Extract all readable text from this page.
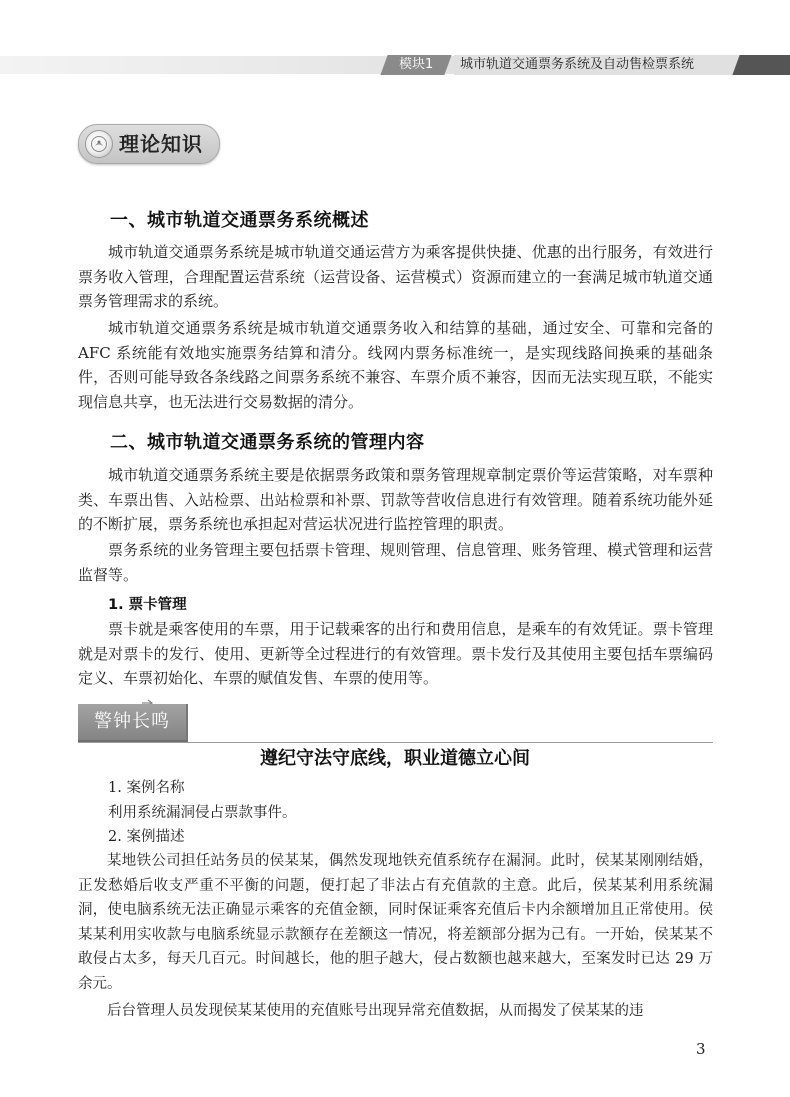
模块1	城市轨道交通票务系统及自动售检票系统
理论知识
一、城市轨道交通票务系统概述

城市轨道交通票务系统是城市轨道交通运营方为乘客提供快捷、优惠的出行服务，有效进行票务收入管理，合理配置运营系统（运营设备、运营模式）资源而建立的一套满足城市轨道交通票务管理需求的系统。

城市轨道交通票务系统是城市轨道交通票务收入和结算的基础，通过安全、可靠和完备的 AFC 系统能有效地实施票务结算和清分。线网内票务标准统一，是实现线路间换乘的基础条件，否则可能导致各条线路之间票务系统不兼容、车票介质不兼容，因而无法实现互联，不能实现信息共享，也无法进行交易数据的清分。

二、城市轨道交通票务系统的管理内容

城市轨道交通票务系统主要是依据票务政策和票务管理规章制定票价等运营策略，对车票种类、车票出售、入站检票、出站检票和补票、罚款等营收信息进行有效管理。随着系统功能外延的不断扩展，票务系统也承担起对营运状况进行监控管理的职责。

票务系统的业务管理主要包括票卡管理、规则管理、信息管理、账务管理、模式管理和运营监督等。

1. 票卡管理

票卡就是乘客使用的车票，用于记载乘客的出行和费用信息，是乘车的有效凭证。票卡管理就是对票卡的发行、使用、更新等全过程进行的有效管理。票卡发行及其使用主要包括车票编码定义、车票初始化、车票的赋值发售、车票的使用等。

警钟长鸣
遵纪守法守底线，职业道德立心间
1. 案例名称
利用系统漏洞侵占票款事件。
2. 案例描述

某地铁公司担任站务员的侯某某，偶然发现地铁充值系统存在漏洞。此时，侯某某刚刚结婚，正发愁婚后收支严重不平衡的问题，便打起了非法占有充值款的主意。此后，侯某某利用系统漏洞，使电脑系统无法正确显示乘客的充值金额，同时保证乘客充值后卡内余额增加且正常使用。侯某某利用实收款与电脑系统显示款额存在差额这一情况，将差额部分据为己有。一开始，侯某某不敢侵占太多，每天几百元。时间越长，他的胆子越大，侵占数额也越来越大，至案发时已达 29 万余元。

后台管理人员发现侯某某使用的充值账号出现异常充值数据，从而揭发了侯某某的违

3
